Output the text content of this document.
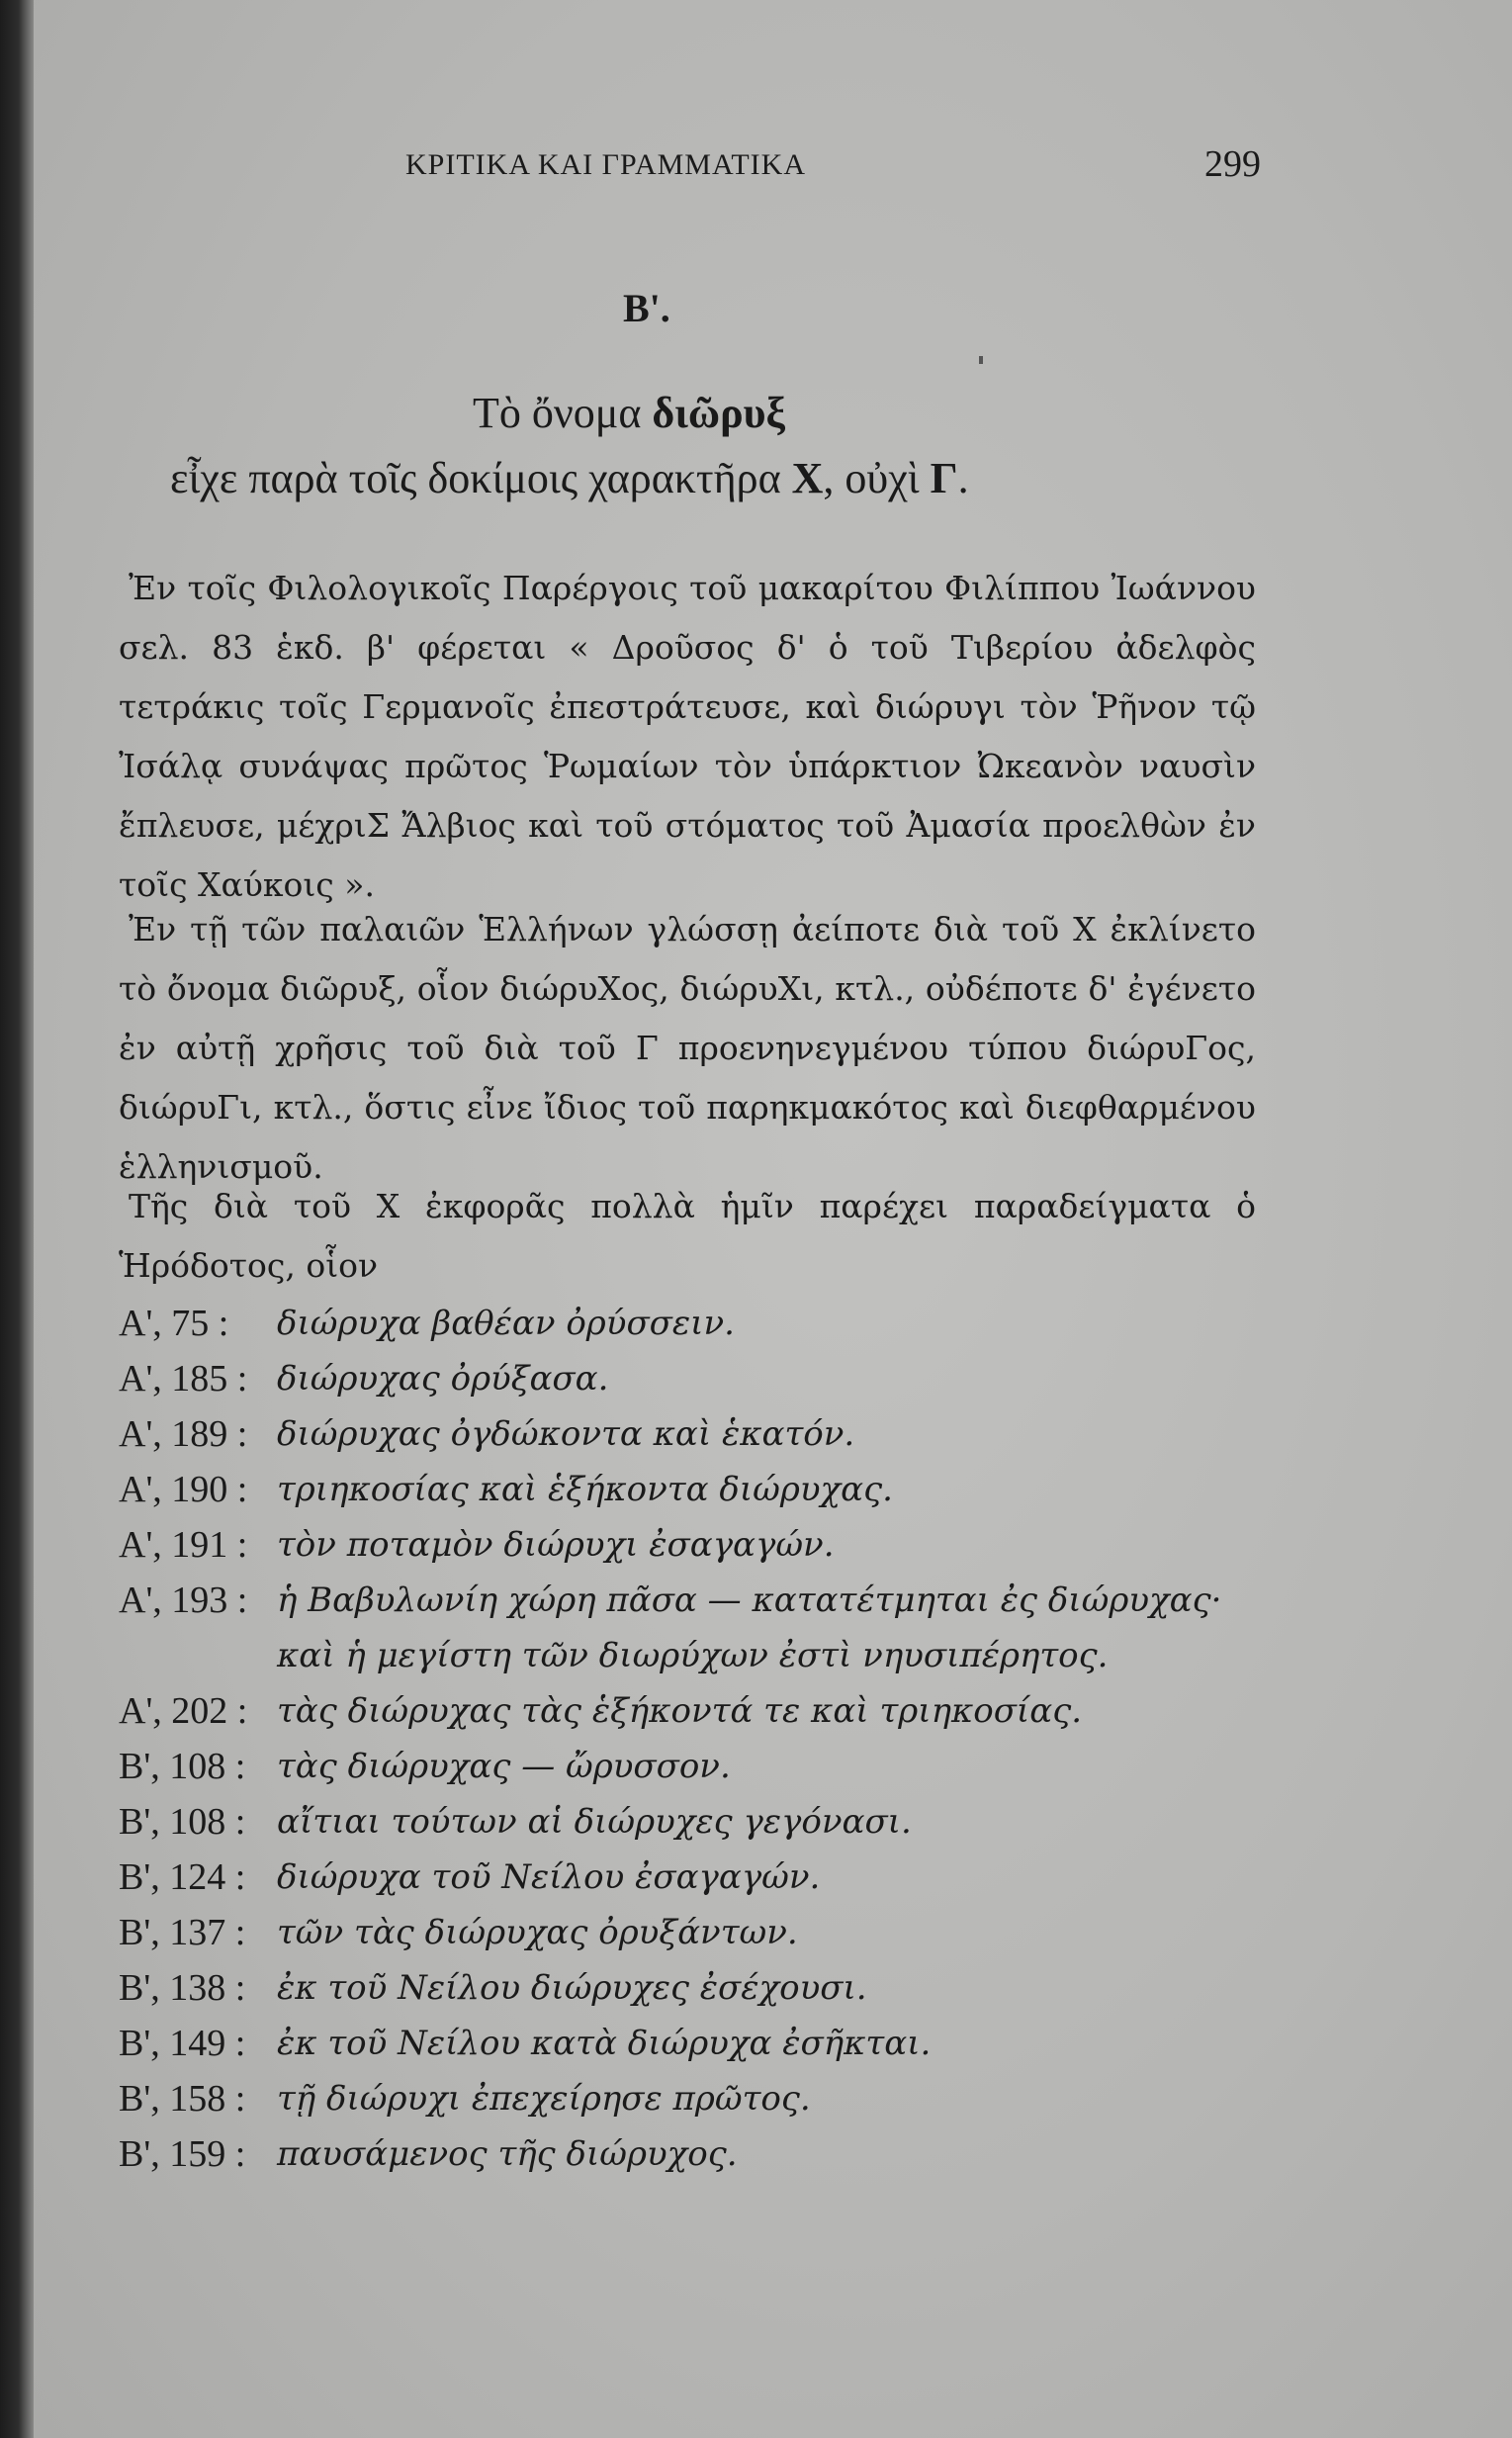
ΚΡΙΤΙΚΑ ΚΑΙ ΓΡΑΜΜΑΤΙΚΑ	299
Β'.
Τὸ ὄνομα διῶρυξ
εἶχε παρὰ τοῖς δοκίμοις χαρακτῆρα Χ, οὐχὶ Γ.
Ἐν τοῖς Φιλολογικοῖς Παρέργοις τοῦ μακαρίτου Φιλίππου Ἰωάννου σελ. 83 ἑκδ. β' φέρεται « Δροῦσος δ' ὁ τοῦ Τιβερίου ἀδελφὸς τετράκις τοῖς Γερμανοῖς ἐπεστράτευσε, καὶ διώρυγι τὸν Ῥῆνον τῷ Ἰσάλᾳ συνάψας πρῶτος Ῥωμαίων τὸν ὑπάρκτιον Ὠκεανὸν ναυσὶν ἔπλευσε, μέχριΣ Ἄλβιος καὶ τοῦ στόματος τοῦ Ἀμασία προελθὼν ἐν τοῖς Χαύκοις ».
Ἐν τῇ τῶν παλαιῶν Ἑλλήνων γλώσσῃ ἀείποτε διὰ τοῦ Χ ἐκλίνετο τὸ ὄνομα διῶρυξ, οἷον διώρυΧος, διώρυΧι, κτλ., οὐδέποτε δ' ἐγένετο ἐν αὐτῇ χρῆσις τοῦ διὰ τοῦ Γ προενηνεγμένου τύπου διώρυΓος, διώρυΓι, κτλ., ὅστις εἶνε ἴδιος τοῦ παρηκμακότος καὶ διεφθαρμένου ἑλληνισμοῦ.
Τῆς διὰ τοῦ Χ ἐκφορᾶς πολλὰ ἡμῖν παρέχει παραδείγματα ὁ Ἡρόδοτος, οἷον
Α', 75 :	διώρυχα βαθέαν ὀρύσσειν.
Α', 185 : διώρυχας ὀρύξασα.
Α', 189 : διώρυχας ὀγδώκοντα καὶ ἑκατόν.
Α', 190 : τριηκοσίας καὶ ἑξήκοντα διώρυχας.
Α', 191 : τὸν ποταμὸν διώρυχι ἐσαγαγών.
Α', 193 : ἡ Βαβυλωνίη χώρη πᾶσα — κατατέτμηται ἐς διώρυχας·
καὶ ἡ μεγίστη τῶν διωρύχων ἐστὶ νηυσιπέρητος.
Α', 202 : τὰς διώρυχας τὰς ἑξήκοντά τε καὶ τριηκοσίας.
Β', 108 : τὰς διώρυχας — ὤρυσσον.
Β', 108 : αἴτιαι τούτων αἱ διώρυχες γεγόνασι.
Β', 124 : διώρυχα τοῦ Νείλου ἐσαγαγών.
Β', 137 : τῶν τὰς διώρυχας ὀρυξάντων.
Β', 138 : ἐκ τοῦ Νείλου διώρυχες ἐσέχουσι.
Β', 149 : ἐκ τοῦ Νείλου κατὰ διώρυχα ἐσῆκται.
Β', 158 : τῇ διώρυχι ἐπεχείρησε πρῶτος.
Β', 159 : παυσάμενος τῆς διώρυχος.
